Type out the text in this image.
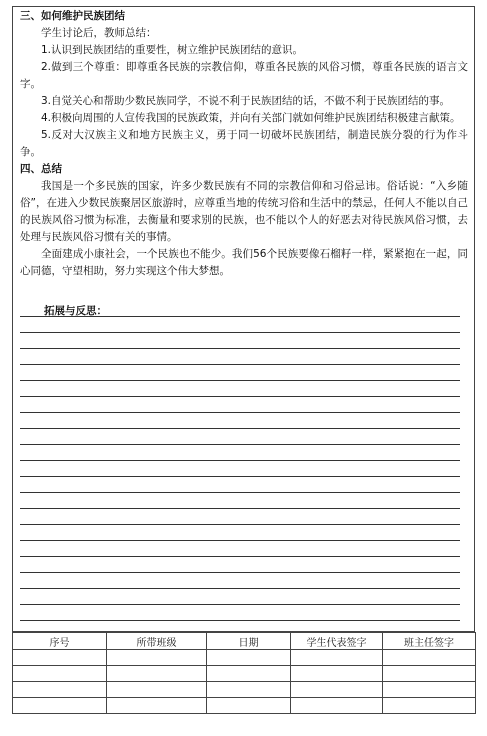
三、如何维护民族团结

学生讨论后，教师总结：

1.认识到民族团结的重要性，树立维护民族团结的意识。

2.做到三个尊重：即尊重各民族的宗教信仰，尊重各民族的风俗习惯，尊重各民族的语言文字。

3.自觉关心和帮助少数民族同学，不说不利于民族团结的话，不做不利于民族团结的事。

4.积极向周围的人宣传我国的民族政策，并向有关部门就如何维护民族团结积极建言献策。

5.反对大汉族主义和地方民族主义，勇于同一切破坏民族团结，制造民族分裂的行为作斗争。

四、总结

我国是一个多民族的国家，许多少数民族有不同的宗教信仰和习俗忌讳。俗话说：“入乡随俗”，在进入少数民族聚居区旅游时，应尊重当地的传统习俗和生活中的禁忌，任何人不能以自己的民族风俗习惯为标准，去衡量和要求别的民族，也不能以个人的好恶去对待民族风俗习惯，去处理与民族风俗习惯有关的事情。

全面建成小康社会，一个民族也不能少。我们56个民族要像石榴籽一样，紧紧抱在一起，同心同德，守望相助，努力实现这个伟大梦想。

拓展与反思：
序号	所带班级	日期	学生代表签字	班主任签字
